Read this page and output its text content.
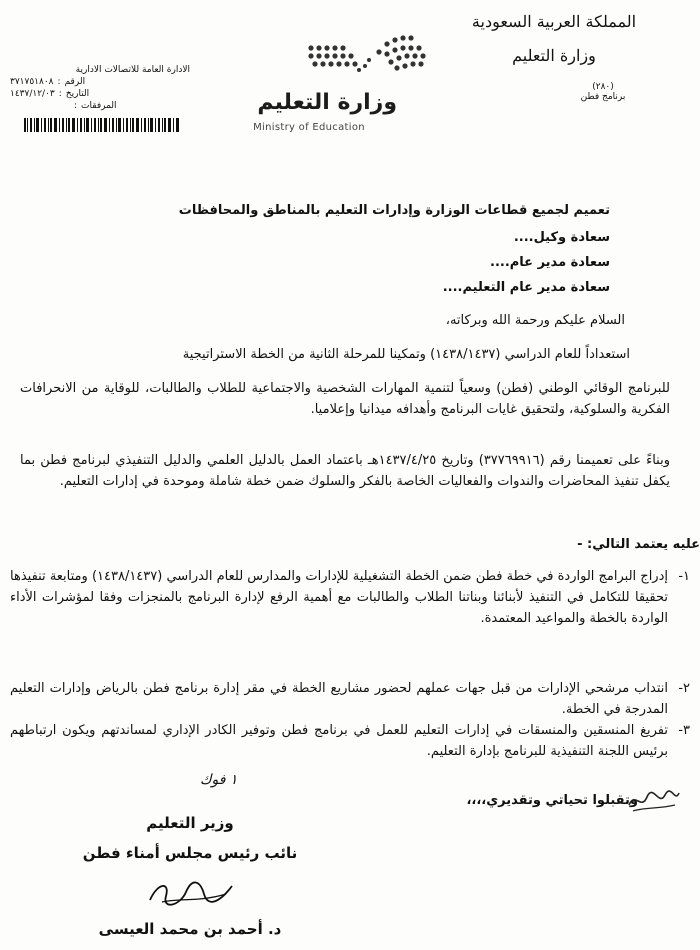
المملكة العربية السعودية
وزارة التعليم
(٢٨٠)
برنامج فطن
وزارة التعليم
Ministry of Education
الادارة العامة للاتصالات الادارية
الرقم
:
٣٧١٧٥١٨٠٨
التاريخ
:
١٤٣٧/١٢/٠٣
المرفقات
:
تعميم لجميع قطاعات الوزارة وإدارات التعليم بالمناطق والمحافظات
سعادة وكيل....
سعادة مدير عام....
سعادة مدير عام التعليم....
السلام عليكم ورحمة الله وبركاته،
استعداداً للعام الدراسي (١٤٣٨/١٤٣٧) وتمكينا للمرحلة الثانية من الخطة الاستراتيجية
للبرنامج الوقائي الوطني (فطن) وسعياً لتنمية المهارات الشخصية والاجتماعية للطلاب والطالبات، للوقاية من الانحرافات الفكرية والسلوكية، ولتحقيق غايات البرنامج وأهدافه ميدانيا وإعلاميا.
وبناءً على تعميمنا رقم (٣٧٧٦٩٩١٦) وتاريخ ١٤٣٧/٤/٢٥هـ باعتماد العمل بالدليل العلمي والدليل التنفيذي لبرنامج فطن بما يكفل تنفيذ المحاضرات والندوات والفعاليات الخاصة بالفكر والسلوك ضمن خطة شاملة وموحدة في إدارات التعليم.
عليه يعتمد التالي: -
١-
إدراج البرامج الواردة في خطة فطن ضمن الخطة التشغيلية للإدارات والمدارس للعام الدراسي (١٤٣٨/١٤٣٧) ومتابعة تنفيذها تحقيقا للتكامل في التنفيذ لأبنائنا وبناتنا الطلاب والطالبات مع أهمية الرفع لإدارة البرنامج بالمنجزات وفقا لمؤشرات الأداء الواردة بالخطة والمواعيد المعتمدة.
٢-
انتداب مرشحي الإدارات من قبل جهات عملهم لحضور مشاريع الخطة في مقر إدارة برنامج فطن بالرياض وإدارات التعليم المدرجة في الخطة.
٣-
تفريغ المنسقين والمنسقات في إدارات التعليم للعمل في برنامج فطن وتوفير الكادر الإداري لمساندتهم ويكون ارتباطهم برئيس اللجنة التنفيذية للبرنامج بإدارة التعليم.
وتقبلوا تحياتي وتقديري،،،،
١ فوك
وزير التعليم
نائب رئيس مجلس أمناء فطن
د. أحمد بن محمد العيسى
